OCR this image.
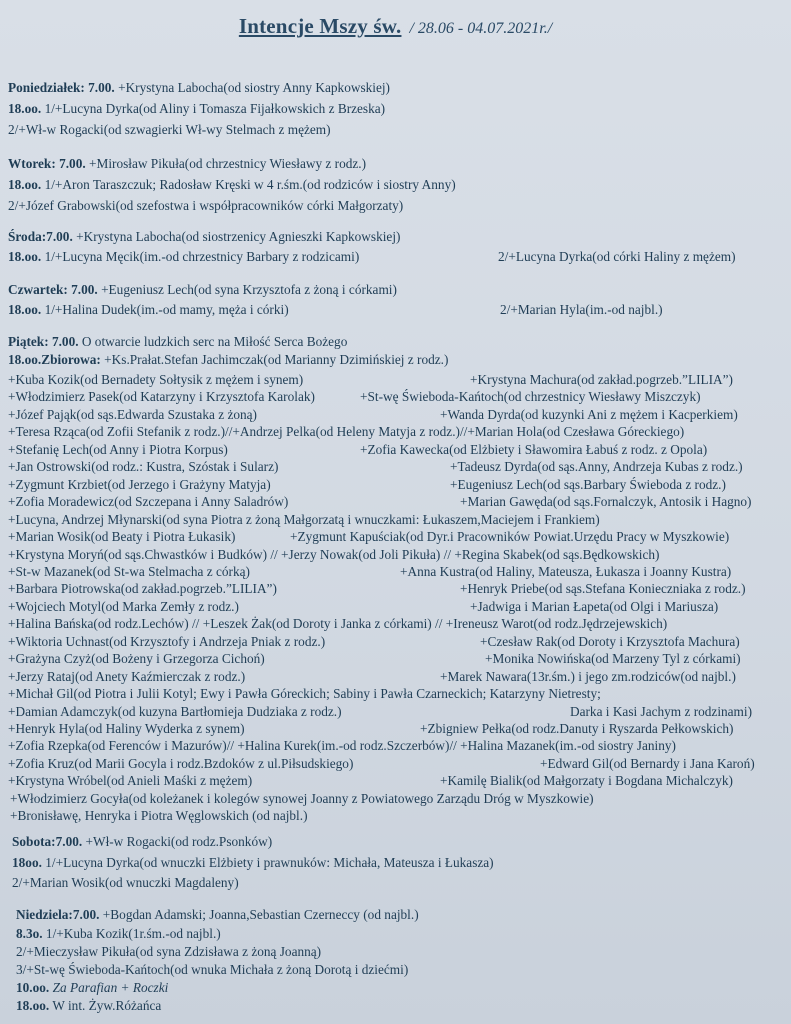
Intencje Mszy św. / 28.06 - 04.07.2021r./
Poniedziałek: 7.00. +Krystyna Labocha(od siostry Anny Kapkowskiej)
18.oo. 1/+Lucyna Dyrka(od Aliny i Tomasza Fijałkowskich z Brzeska)
2/+Wł-w Rogacki(od szwagierki Wł-wy Stelmach z mężem)
Wtorek: 7.00. +Mirosław Pikuła(od chrzestnicy Wiesławy z rodz.)
18.oo. 1/+Aron Taraszczuk; Radosław Kręski w 4 r.śm.(od rodziców i siostry Anny)
2/+Józef Grabowski(od szefostwa i współpracowników córki Małgorzaty)
Środa:7.00. +Krystyna Labocha(od siostrzenicy Agnieszki Kapkowskiej)
18.oo. 1/+Lucyna Męcik(im.-od chrzestnicy Barbary z rodzicami)	2/+Lucyna Dyrka(od córki Haliny z mężem)
Czwartek: 7.00. +Eugeniusz Lech(od syna Krzysztofa z żoną i córkami)
18.oo. 1/+Halina Dudek(im.-od mamy, męża i córki)	2/+Marian Hyla(im.-od najbl.)
Piątek: 7.00. O otwarcie ludzkich serc na Miłość Serca Bożego
18.oo.Zbiorowa: +Ks.Prałat.Stefan Jachimczak(od Marianny Dzimińskiej z rodz.)
+Kuba Kozik(od Bernadety Sołtysik z mężem i synem)	+Krystyna Machura(od zakład.pogrzeb.”LILIA”)
+Włodzimierz Pasek(od Katarzyny i Krzysztofa Karolak)	+St-wę Świeboda-Kańtoch(od chrzestnicy Wiesławy Miszczyk)
+Józef Pająk(od sąs.Edwarda Szustaka z żoną)	+Wanda Dyrda(od kuzynki Ani z mężem i Kacperkiem)
+Teresa Rząca(od Zofii Stefanik z rodz.)//+Andrzej Pelka(od Heleny Matyja z rodz.)//+Marian Hola(od Czesława Góreckiego)
+Stefanię Lech(od Anny i Piotra Korpus)	+Zofia Kawecka(od Elżbiety i Sławomira Łabuś z rodz. z Opola)
+Jan Ostrowski(od rodz.: Kustra, Szóstak i Sularz)	+Tadeusz Dyrda(od sąs.Anny, Andrzeja Kubas z rodz.)
+Zygmunt Krzbiet(od Jerzego i Grażyny Matyja)	+Eugeniusz Lech(od sąs.Barbary Świeboda z rodz.)
+Zofia Moradewicz(od Szczepana i Anny Saladrów)	+Marian Gawęda(od sąs.Fornalczyk, Antosik i Hagno)
+Lucyna, Andrzej Młynarski(od syna Piotra z żoną Małgorzatą i wnuczkami: Łukaszem,Maciejem i Frankiem)
+Marian Wosik(od Beaty i Piotra Łukasik)	+Zygmunt Kapuściak(od Dyr.i Pracowników Powiat.Urzędu Pracy w Myszkowie)
+Krystyna Moryń(od sąs.Chwastków i Budków) // +Jerzy Nowak(od Joli Pikuła) // +Regina Skabek(od sąs.Będkowskich)
+St-w Mazanek(od St-wa Stelmacha z córką)	+Anna Kustra(od Haliny, Mateusza, Łukasza i Joanny Kustra)
+Barbara Piotrowska(od zakład.pogrzeb.”LILIA”)	+Henryk Priebe(od sąs.Stefana Konieczniaka z rodz.)
+Wojciech Motyl(od Marka Zemły z rodz.)	+Jadwiga i Marian Łapeta(od Olgi i Mariusza)
+Halina Bańska(od rodz.Lechów) // +Leszek Żak(od Doroty i Janka z córkami) // +Ireneusz Warot(od rodz.Jędrzejewskich)
+Wiktoria Uchnast(od Krzysztofy i Andrzeja Pniak z rodz.)	+Czesław Rak(od Doroty i Krzysztofa Machura)
+Grażyna Czyż(od Bożeny i Grzegorza Cichoń)	+Monika Nowińska(od Marzeny Tyl z córkami)
+Jerzy Rataj(od Anety Kaźmierczak z rodz.)	+Marek Nawara(13r.śm.) i jego zm.rodziców(od najbl.)
+Michał Gil(od Piotra i Julii Kotyl; Ewy i Pawła Góreckich; Sabiny i Pawła Czarneckich; Katarzyny Nietresty;
+Damian Adamczyk(od kuzyna Bartłomieja Dudziaka z rodz.)	Darka i Kasi Jachym z rodzinami)
+Henryk Hyla(od Haliny Wyderka z synem)	+Zbigniew Pełka(od rodz.Danuty i Ryszarda Pełkowskich)
+Zofia Rzepka(od Ferenców i Mazurów)// +Halina Kurek(im.-od rodz.Szczerbów)// +Halina Mazanek(im.-od siostry Janiny)
+Zofia Kruz(od Marii Gocyla i rodz.Bzdoków z ul.Piłsudskiego)	+Edward Gil(od Bernardy i Jana Karoń)
+Krystyna Wróbel(od Anieli Maśki z mężem)	+Kamilę Bialik(od Małgorzaty i Bogdana Michalczyk)
+Włodzimierz Gocyła(od koleżanek i kolegów synowej Joanny z Powiatowego Zarządu Dróg w Myszkowie)
+Bronisławę, Henryka i Piotra Węglowskich (od najbl.)
Sobota:7.00. +Wł-w Rogacki(od rodz.Psonków)
18oo. 1/+Lucyna Dyrka(od wnuczki Elżbiety i prawnuków: Michała, Mateusza i Łukasza)
2/+Marian Wosik(od wnuczki Magdaleny)
Niedziela:7.00. +Bogdan Adamski; Joanna,Sebastian Czerneccy (od najbl.)
8.3o. 1/+Kuba Kozik(1r.śm.-od najbl.)
2/+Mieczysław Pikuła(od syna Zdzisława z żoną Joanną)
3/+St-wę Świeboda-Kańtoch(od wnuka Michała z żoną Dorotą i dziećmi)
10.oo. Za Parafian + Roczki
18.oo. W int. Żyw.Różańca
